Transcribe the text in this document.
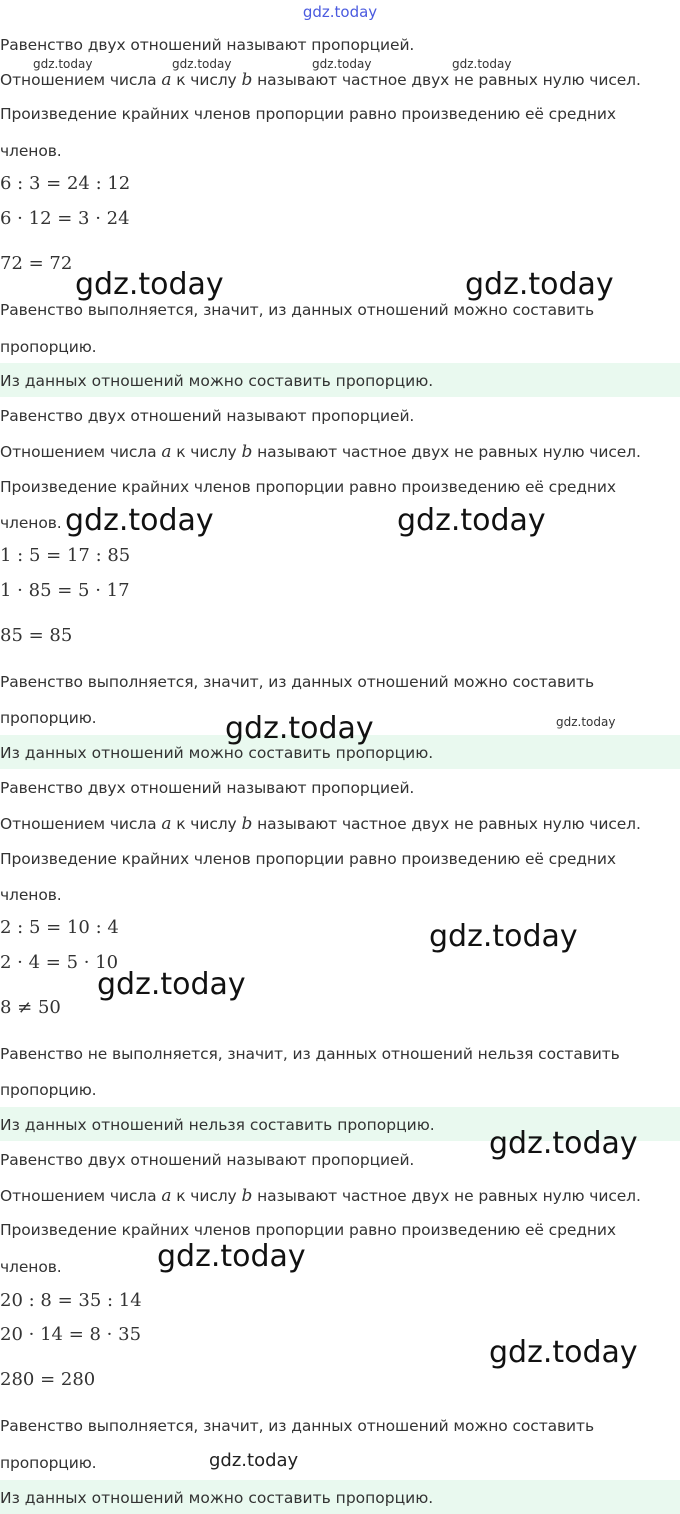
gdz.today
Из данных отношений можно составить пропорцию.
Равенство двух отношений называют пропорцией.
Отношением числа a к числу b называют частное двух не равных нулю чисел.
Произведение крайних членов пропорции равно произведению её средних
членов.
6 : 3 = 24 : 12
6 · 12 = 3 · 24
72 = 72
Равенство выполняется, значит, из данных отношений можно составить
пропорцию.
Из данных отношений можно составить пропорцию.
Равенство двух отношений называют пропорцией.
Отношением числа a к числу b называют частное двух не равных нулю чисел.
Произведение крайних членов пропорции равно произведению её средних
членов.
1 : 5 = 17 : 85
1 · 85 = 5 · 17
85 = 85
Равенство выполняется, значит, из данных отношений можно составить
пропорцию.
Из данных отношений нельзя составить пропорцию.
Равенство двух отношений называют пропорцией.
Отношением числа a к числу b называют частное двух не равных нулю чисел.
Произведение крайних членов пропорции равно произведению её средних
членов.
2 : 5 = 10 : 4
2 · 4 = 5 · 10
8 ≠ 50
Равенство не выполняется, значит, из данных отношений нельзя составить
пропорцию.
Из данных отношений можно составить пропорцию.
Равенство двух отношений называют пропорцией.
Отношением числа a к числу b называют частное двух не равных нулю чисел.
Произведение крайних членов пропорции равно произведению её средних
членов.
20 : 8 = 35 : 14
20 · 14 = 8 · 35
280 = 280
Равенство выполняется, значит, из данных отношений можно составить
пропорцию.
gdz.today	gdz.today	gdz.today	gdz.today
gdz.today	gdz.today
gdz.today	gdz.today
gdz.today	gdz.today
gdz.today
gdz.today
gdz.today
gdz.today
gdz.today
gdz.today
